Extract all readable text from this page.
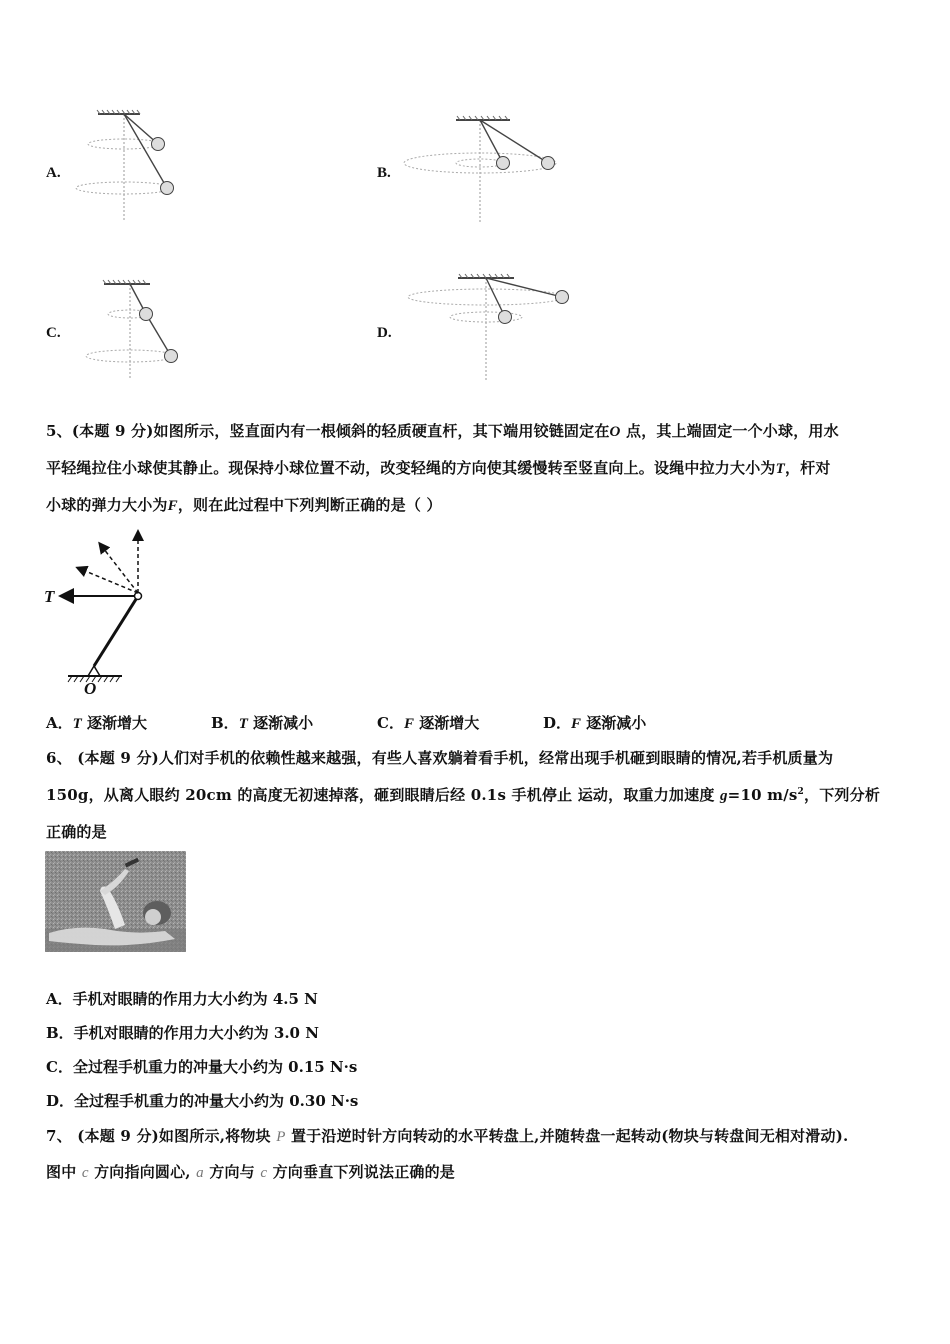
A.	B.
C.	D.
5、(本题 9 分)如图所示，竖直面内有一根倾斜的轻质硬直杆，其下端用铰链固定在O 点，其上端固定一个小球，用水
平轻绳拉住小球使其静止。现保持小球位置不动，改变轻绳的方向使其缓慢转至竖直向上。设绳中拉力大小为T，杆对
小球的弹力大小为F，则在此过程中下列判断正确的是（ ）
T
O
A．T 逐渐增大	B．T 逐渐减小	C．F 逐渐增大	D．F 逐渐减小
6、 (本题 9 分)人们对手机的依赖性越来越强，有些人喜欢躺着看手机，经常出现手机砸到眼睛的情况,若手机质量为
150g，从离人眼约 20cm 的高度无初速掉落，砸到眼睛后经 0.1s 手机停止 运动，取重力加速度 g=10 $m/s^2$，下列分析
正确的是
A．手机对眼睛的作用力大小约为 4.5 N
B．手机对眼睛的作用力大小约为 3.0 N
C．全过程手机重力的冲量大小约为 0.15 N·s
D．全过程手机重力的冲量大小约为 0.30 N·s
7、 (本题 9 分)如图所示,将物块 P 置于沿逆时针方向转动的水平转盘上,并随转盘一起转动(物块与转盘间无相对滑动).
图中 c 方向指向圆心, a 方向与 c 方向垂直下列说法正确的是
